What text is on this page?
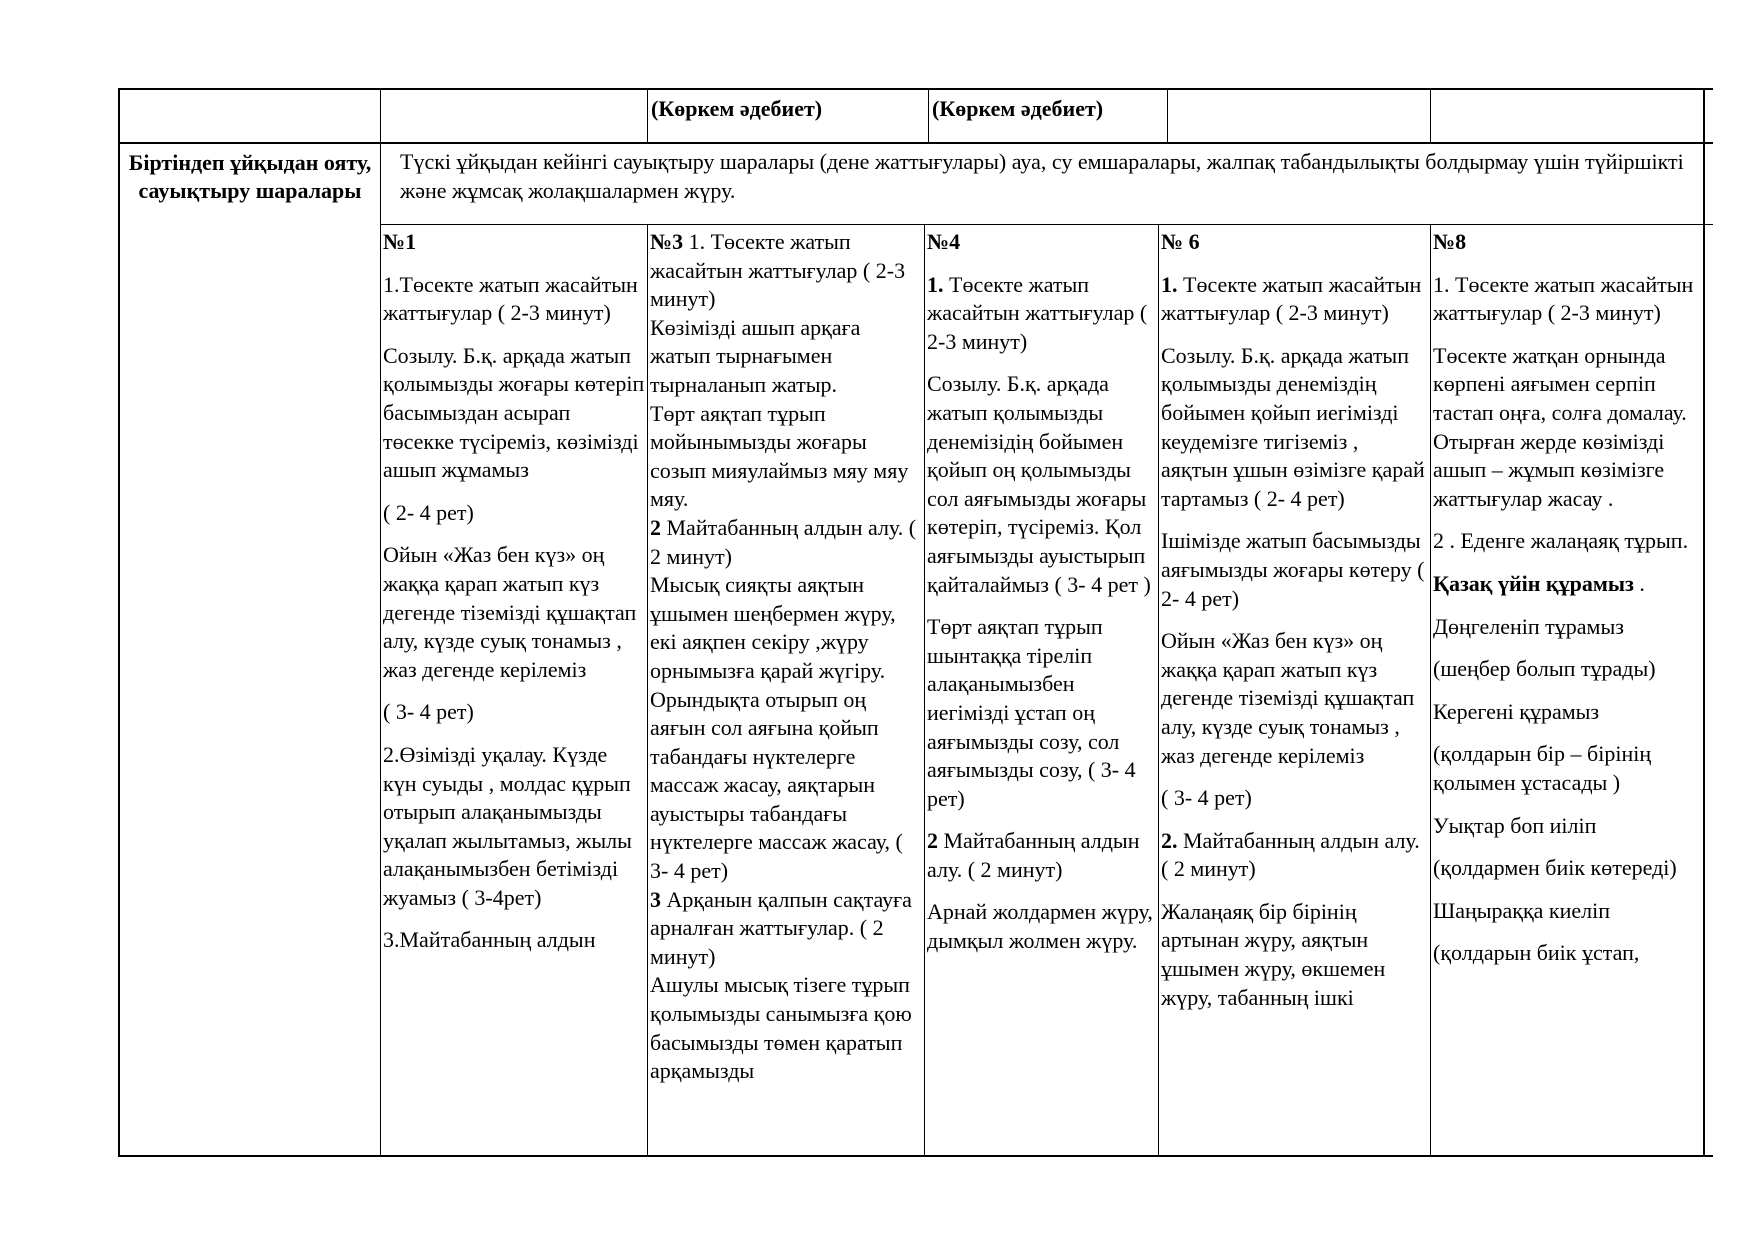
(Көркем әдебиет)	(Көркем әдебиет)
Біртіндеп ұйқыдан ояту, сауықтыру шаралары
Түскі ұйқыдан кейінгі сауықтыру шаралары (дене жаттығулары) ауа, су емшаралары, жалпақ табандылықты болдырмау үшін түйіршікті және жұмсақ жолақшалармен жүру.

№1

1.Төсекте жатып жасайтын жаттығулар ( 2-3 минут)

Созылу. Б.қ. арқада жатып қолымызды жоғары көтеріп басымыздан асырап төсекке түсіреміз, көзімізді ашып жұмамыз

( 2- 4 рет)

Ойын «Жаз бен күз» оң жаққа қарап жатып күз дегенде тіземізді құшақтап алу, күзде суық тонамыз , жаз дегенде керілеміз

( 3- 4 рет)

2.Өзімізді уқалау. Күзде күн суыды , молдас құрып отырып алақанымызды уқалап жылытамыз, жылы алақанымызбен бетімізді жуамыз ( 3-4рет)

3.Майтабанның алдын

№3 1. Төсекте жатып жасайтын жаттығулар ( 2-3 минут)

Көзімізді ашып арқаға жатып тырнағымен тырналанып жатыр.

Төрт аяқтап тұрып мойынымызды жоғары созып мияулаймыз мяу мяу мяу.

2 Майтабанның алдын алу. ( 2 минут)

Мысық сияқты аяқтын ұшымен шеңбермен жүру, екі аяқпен секіру ,жүру орнымызға қарай жүгіру.

Орындықта отырып оң аяғын сол аяғына қойып табандағы нүктелерге массаж жасау, аяқтарын ауыстыры табандағы нүктелерге массаж жасау, ( 3- 4 рет)

3 Арқанын қалпын сақтауға арналған жаттығулар. ( 2 минут)

Ашулы мысық тізеге тұрып қолымызды санымызға қою басымызды төмен қаратып арқамызды

№4

1. Төсекте жатып жасайтын жаттығулар ( 2-3 минут)

Созылу. Б.қ. арқада жатып қолымызды денемізідің бойымен қойып оң қолымызды сол аяғымызды жоғары көтеріп, түсіреміз. Қол аяғымызды ауыстырып қайталаймыз ( 3- 4 рет )

Төрт аяқтап тұрып шынтаққа тіреліп алақанымызбен иегімізді ұстап оң аяғымызды созу, сол аяғымызды созу, ( 3- 4 рет)

2 Майтабанның алдын алу. ( 2 минут)

Арнай жолдармен жүру, дымқыл жолмен жүру.

№ 6

1. Төсекте жатып жасайтын жаттығулар ( 2-3 минут)

Созылу. Б.қ. арқада жатып қолымызды денеміздің бойымен қойып иегімізді кеудемізге тигіземіз , аяқтын ұшын өзімізге қарай тартамыз ( 2- 4 рет)

Ішімізде жатып басымызды аяғымызды жоғары көтеру ( 2- 4 рет)

Ойын «Жаз бен күз» оң жаққа қарап жатып күз дегенде тіземізді құшақтап алу, күзде суық тонамыз , жаз дегенде керілеміз

( 3- 4 рет)

2. Майтабанның алдын алу. ( 2 минут)

Жалаңаяқ бір бірінің артынан жүру, аяқтын ұшымен жүру, өкшемен жүру, табанның ішкі

№8

1. Төсекте жатып жасайтын жаттығулар ( 2-3 минут)

Төсекте жатқан орнында көрпені аяғымен серпіп тастап оңға, солға домалау. Отырған жерде көзімізді ашып – жұмып көзімізге жаттығулар жасау .

2 . Еденге жалаңаяқ тұрып.

Қазақ үйін құрамыз .

Дөңгеленіп тұрамыз

(шеңбер болып тұрады)

Керегені құрамыз

(қолдарын бір – бірінің қолымен ұстасады )

Уықтар боп иіліп

(қолдармен биік көтереді)

Шаңыраққа киеліп

(қолдарын биік ұстап,
